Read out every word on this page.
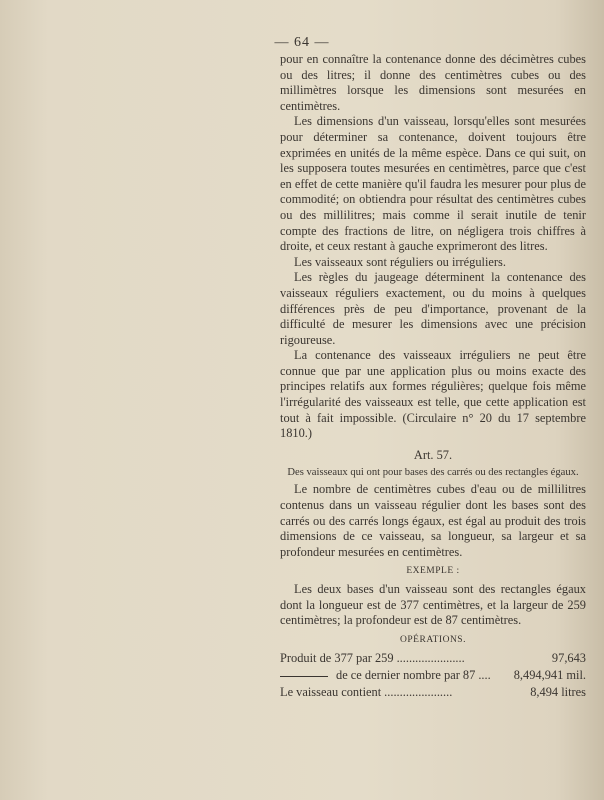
— 64 —

pour en connaître la contenance donne des décimètres cubes ou des litres; il donne des centimètres cubes ou des millimètres lorsque les dimensions sont mesurées en centimètres.

Les dimensions d'un vaisseau, lorsqu'elles sont mesurées pour déterminer sa contenance, doivent toujours être exprimées en unités de la même espèce. Dans ce qui suit, on les supposera toutes mesurées en centimètres, parce que c'est en effet de cette manière qu'il faudra les mesurer pour plus de commodité; on obtiendra pour résultat des centimètres cubes ou des millilitres; mais comme il serait inutile de tenir compte des fractions de litre, on négligera trois chiffres à droite, et ceux restant à gauche exprimeront des litres.

Les vaisseaux sont réguliers ou irréguliers.

Les règles du jaugeage déterminent la contenance des vaisseaux réguliers exactement, ou du moins à quelques différences près de peu d'importance, provenant de la difficulté de mesurer les dimensions avec une précision rigoureuse.

La contenance des vaisseaux irréguliers ne peut être connue que par une application plus ou moins exacte des principes relatifs aux formes régulières; quelque fois même l'irrégularité des vaisseaux est telle, que cette application est tout à fait impossible. (Circulaire n° 20 du 17 septembre 1810.)

Art. 57.
Des vaisseaux qui ont pour bases des carrés ou des rectangles égaux.

Le nombre de centimètres cubes d'eau ou de millilitres contenus dans un vaisseau régulier dont les bases sont des carrés ou des carrés longs égaux, est égal au produit des trois dimensions de ce vaisseau, sa longueur, sa largeur et sa profondeur mesurées en centimètres.

EXEMPLE :

Les deux bases d'un vaisseau sont des rectangles égaux dont la longueur est de 377 centimètres, et la largeur de 259 centimètres; la profondeur est de 87 centimètres.

OPÉRATIONS.
Produit de 377 par 259 ......................	97,643
de ce dernier nombre par 87 ....	8,494,941 mil.
Le vaisseau contient ......................	8,494 litres
